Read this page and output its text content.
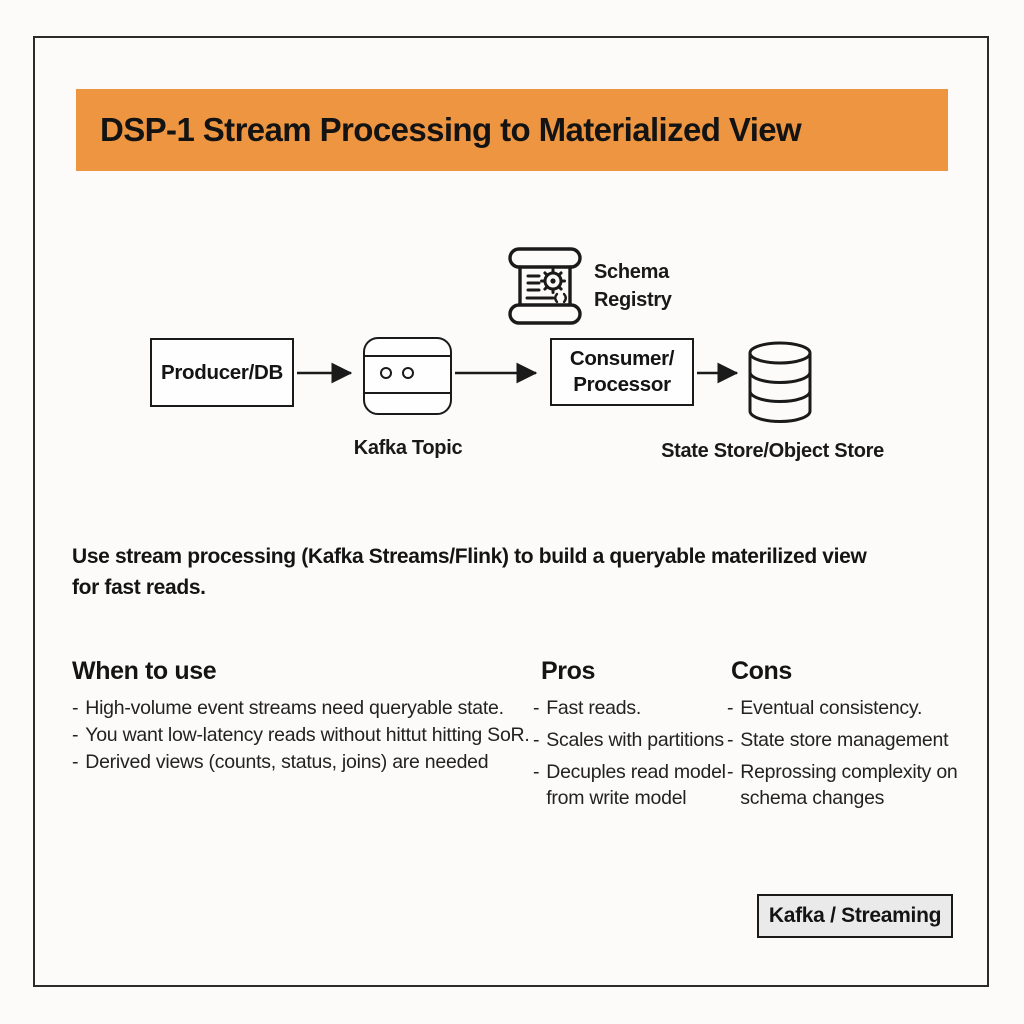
DSP-1 Stream Processing to Materialized View
Schema
Registry
Producer/DB
Kafka Topic
Consumer/
Processor
State Store/Object Store

Use stream processing (Kafka Streams/Flink) to build a queryable materilized view for fast reads.

When to use
- High-volume event streams need queryable state.
- You want low-latency reads without hittut hitting SoR.
- Derived views (counts, status, joins) are needed
Pros
- Fast reads.
- Scales with partitions
- Decuples read model from write model
Cons
- Eventual consistency.
- State store management
- Reprossing complexity on schema changes
Kafka / Streaming
